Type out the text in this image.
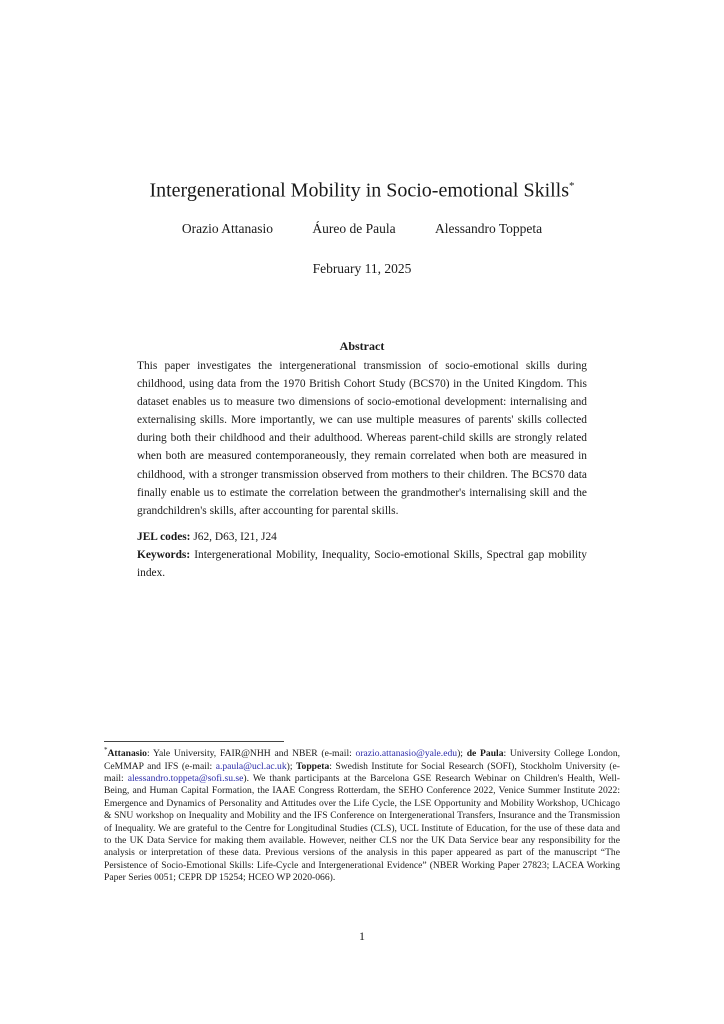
Intergenerational Mobility in Socio-emotional Skills*
Orazio Attanasio	Áureo de Paula	Alessandro Toppeta
February 11, 2025
Abstract

This paper investigates the intergenerational transmission of socio-emotional skills during childhood, using data from the 1970 British Cohort Study (BCS70) in the United Kingdom. This dataset enables us to measure two dimensions of socio-emotional development: internalising and externalising skills. More importantly, we can use multiple measures of parents' skills collected during both their childhood and their adulthood. Whereas parent-child skills are strongly related when both are measured contemporaneously, they remain correlated when both are measured in childhood, with a stronger transmission observed from mothers to their children. The BCS70 data finally enable us to estimate the correlation between the grandmother's internalising skill and the grandchildren's skills, after accounting for parental skills.

JEL codes: J62, D63, I21, J24

Keywords: Intergenerational Mobility, Inequality, Socio-emotional Skills, Spectral gap mobility index.

*Attanasio: Yale University, FAIR@NHH and NBER (e-mail: orazio.attanasio@yale.edu); de Paula: University College London, CeMMAP and IFS (e-mail: a.paula@ucl.ac.uk); Toppeta: Swedish Institute for Social Research (SOFI), Stockholm University (e-mail: alessandro.toppeta@sofi.su.se). We thank participants at the Barcelona GSE Research Webinar on Children's Health, Well-Being, and Human Capital Formation, the IAAE Congress Rotterdam, the SEHO Conference 2022, Venice Summer Institute 2022: Emergence and Dynamics of Personality and Attitudes over the Life Cycle, the LSE Opportunity and Mobility Workshop, UChicago & SNU workshop on Inequality and Mobility and the IFS Conference on Intergenerational Transfers, Insurance and the Transmission of Inequality. We are grateful to the Centre for Longitudinal Studies (CLS), UCL Institute of Education, for the use of these data and to the UK Data Service for making them available. However, neither CLS nor the UK Data Service bear any responsibility for the analysis or interpretation of these data. Previous versions of the analysis in this paper appeared as part of the manuscript “The Persistence of Socio-Emotional Skills: Life-Cycle and Intergenerational Evidence” (NBER Working Paper 27823; LACEA Working Paper Series 0051; CEPR DP 15254; HCEO WP 2020-066).

1
